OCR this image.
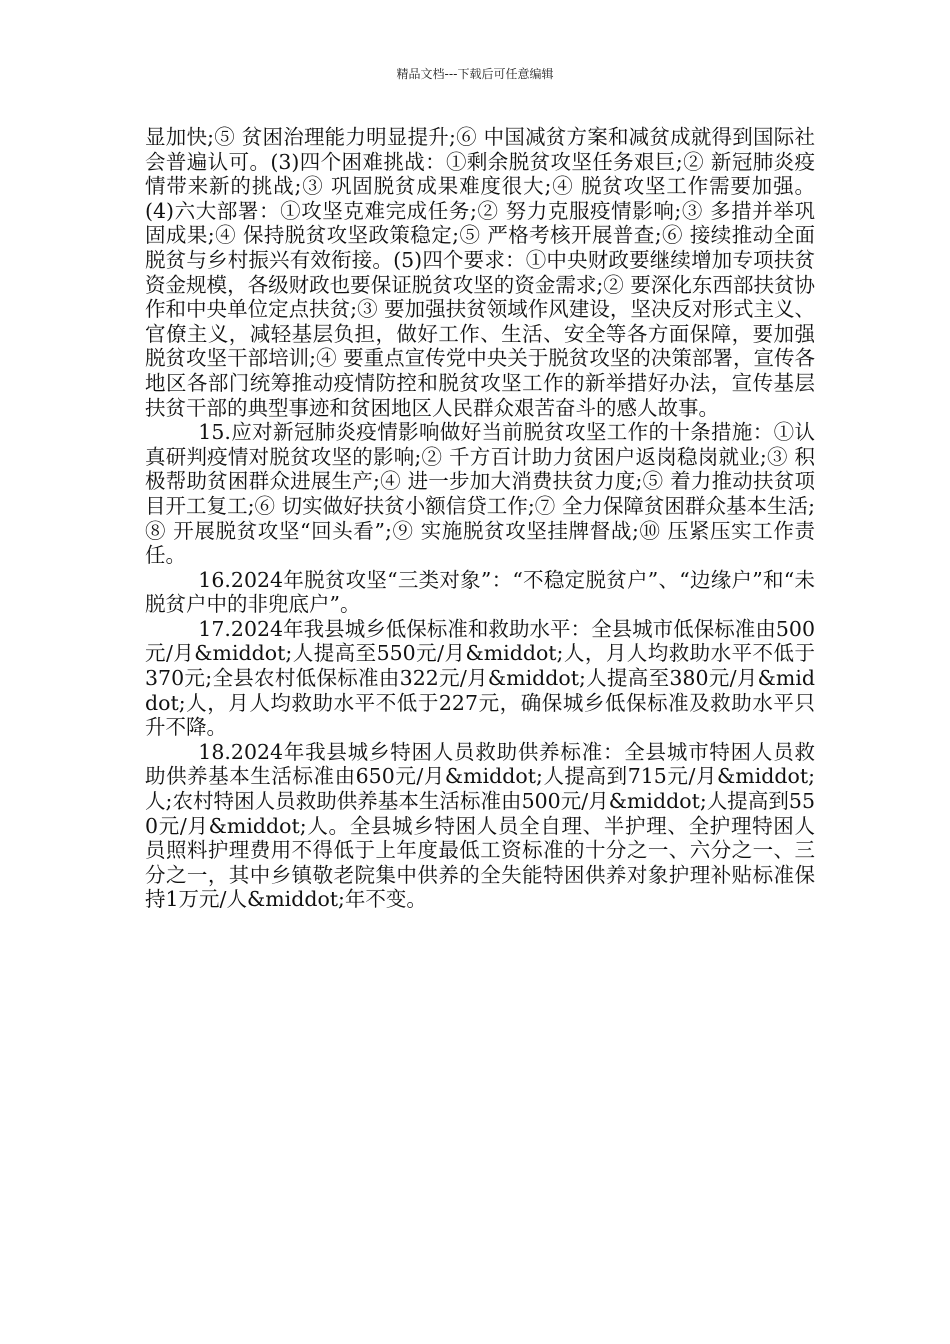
精品文档---下载后可任意编辑

显加快;⑤ 贫困治理能力明显提升;⑥ 中国减贫方案和减贫成就得到国际社会普遍认可。(3)四个困难挑战：①剩余脱贫攻坚任务艰巨;② 新冠肺炎疫情带来新的挑战;③ 巩固脱贫成果难度很大;④ 脱贫攻坚工作需要加强。(4)六大部署：①攻坚克难完成任务;② 努力克服疫情影响;③ 多措并举巩固成果;④ 保持脱贫攻坚政策稳定;⑤ 严格考核开展普查;⑥ 接续推动全面脱贫与乡村振兴有效衔接。(5)四个要求：①中央财政要继续增加专项扶贫资金规模，各级财政也要保证脱贫攻坚的资金需求;② 要深化东西部扶贫协作和中央单位定点扶贫;③ 要加强扶贫领域作风建设，坚决反对形式主义、官僚主义，减轻基层负担，做好工作、生活、安全等各方面保障，要加强脱贫攻坚干部培训;④ 要重点宣传党中央关于脱贫攻坚的决策部署，宣传各地区各部门统筹推动疫情防控和脱贫攻坚工作的新举措好办法，宣传基层扶贫干部的典型事迹和贫困地区人民群众艰苦奋斗的感人故事。

15.应对新冠肺炎疫情影响做好当前脱贫攻坚工作的十条措施：①认真研判疫情对脱贫攻坚的影响;② 千方百计助力贫困户返岗稳岗就业;③ 积极帮助贫困群众进展生产;④ 进一步加大消费扶贫力度;⑤ 着力推动扶贫项目开工复工;⑥ 切实做好扶贫小额信贷工作;⑦ 全力保障贫困群众基本生活;⑧ 开展脱贫攻坚“回头看”;⑨ 实施脱贫攻坚挂牌督战;⑩ 压紧压实工作责任。

16.2024年脱贫攻坚“三类对象”：“不稳定脱贫户”、“边缘户”和“未脱贫户中的非兜底户”。

17.2024年我县城乡低保标准和救助水平：全县城市低保标准由500元/月&middot;人提高至550元/月&middot;人，月人均救助水平不低于370元;全县农村低保标准由322元/月&middot;人提高至380元/月&middot;人，月人均救助水平不低于227元，确保城乡低保标准及救助水平只升不降。

18.2024年我县城乡特困人员救助供养标准：全县城市特困人员救助供养基本生活标准由650元/月&middot;人提高到715元/月&middot;人;农村特困人员救助供养基本生活标准由500元/月&middot;人提高到550元/月&middot;人。全县城乡特困人员全自理、半护理、全护理特困人员照料护理费用不得低于上年度最低工资标准的十分之一、六分之一、三分之一，其中乡镇敬老院集中供养的全失能特困供养对象护理补贴标准保持1万元/人&middot;年不变。
